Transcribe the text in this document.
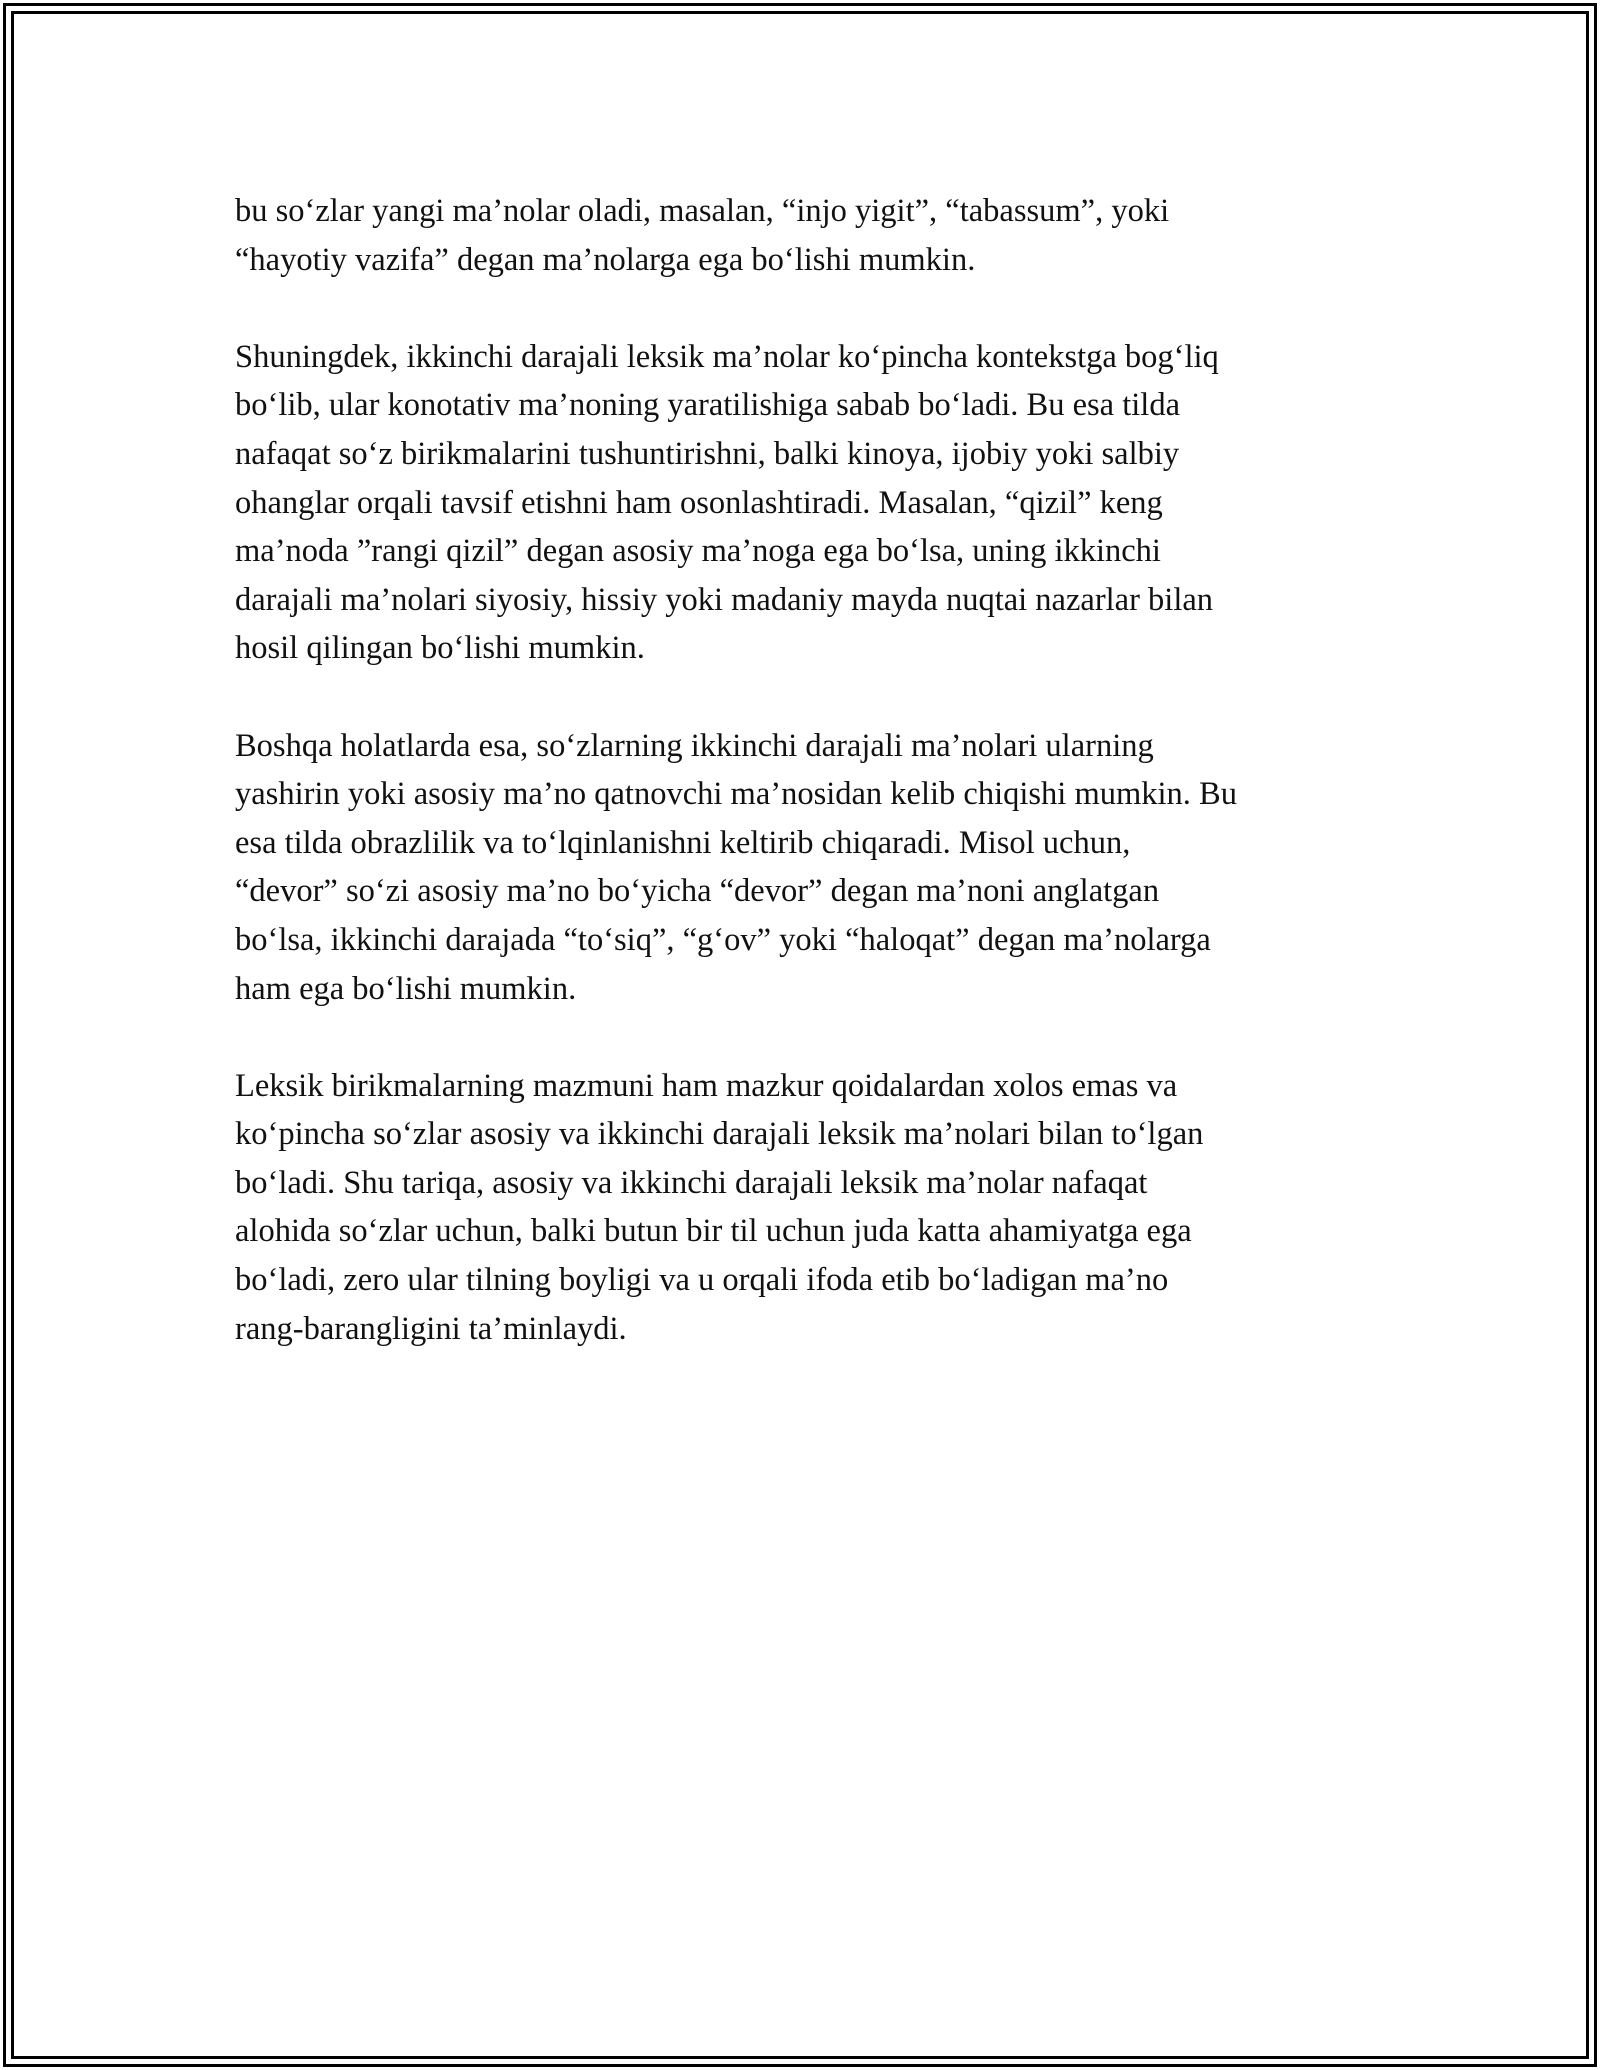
bu so‘zlar yangi ma’nolar oladi, masalan, “injo yigit”, “tabassum”, yoki
“hayotiy vazifa” degan ma’nolarga ega bo‘lishi mumkin.

Shuningdek, ikkinchi darajali leksik ma’nolar ko‘pincha kontekstga bog‘liq
bo‘lib, ular konotativ ma’noning yaratilishiga sabab bo‘ladi. Bu esa tilda
nafaqat so‘z birikmalarini tushuntirishni, balki kinoya, ijobiy yoki salbiy
ohanglar orqali tavsif etishni ham osonlashtiradi. Masalan, “qizil” keng
ma’noda ”rangi qizil” degan asosiy ma’noga ega bo‘lsa, uning ikkinchi
darajali ma’nolari siyosiy, hissiy yoki madaniy mayda nuqtai nazarlar bilan
hosil qilingan bo‘lishi mumkin.

Boshqa holatlarda esa, so‘zlarning ikkinchi darajali ma’nolari ularning
yashirin yoki asosiy ma’no qatnovchi ma’nosidan kelib chiqishi mumkin. Bu
esa tilda obrazlilik va to‘lqinlanishni keltirib chiqaradi. Misol uchun,
“devor” so‘zi asosiy ma’no bo‘yicha “devor” degan ma’noni anglatgan
bo‘lsa, ikkinchi darajada “to‘siq”, “g‘ov” yoki “haloqat” degan ma’nolarga
ham ega bo‘lishi mumkin.

Leksik birikmalarning mazmuni ham mazkur qoidalardan xolos emas va
ko‘pincha so‘zlar asosiy va ikkinchi darajali leksik ma’nolari bilan to‘lgan
bo‘ladi. Shu tariqa, asosiy va ikkinchi darajali leksik ma’nolar nafaqat
alohida so‘zlar uchun, balki butun bir til uchun juda katta ahamiyatga ega
bo‘ladi, zero ular tilning boyligi va u orqali ifoda etib bo‘ladigan ma’no
rang-barangligini ta’minlaydi.
